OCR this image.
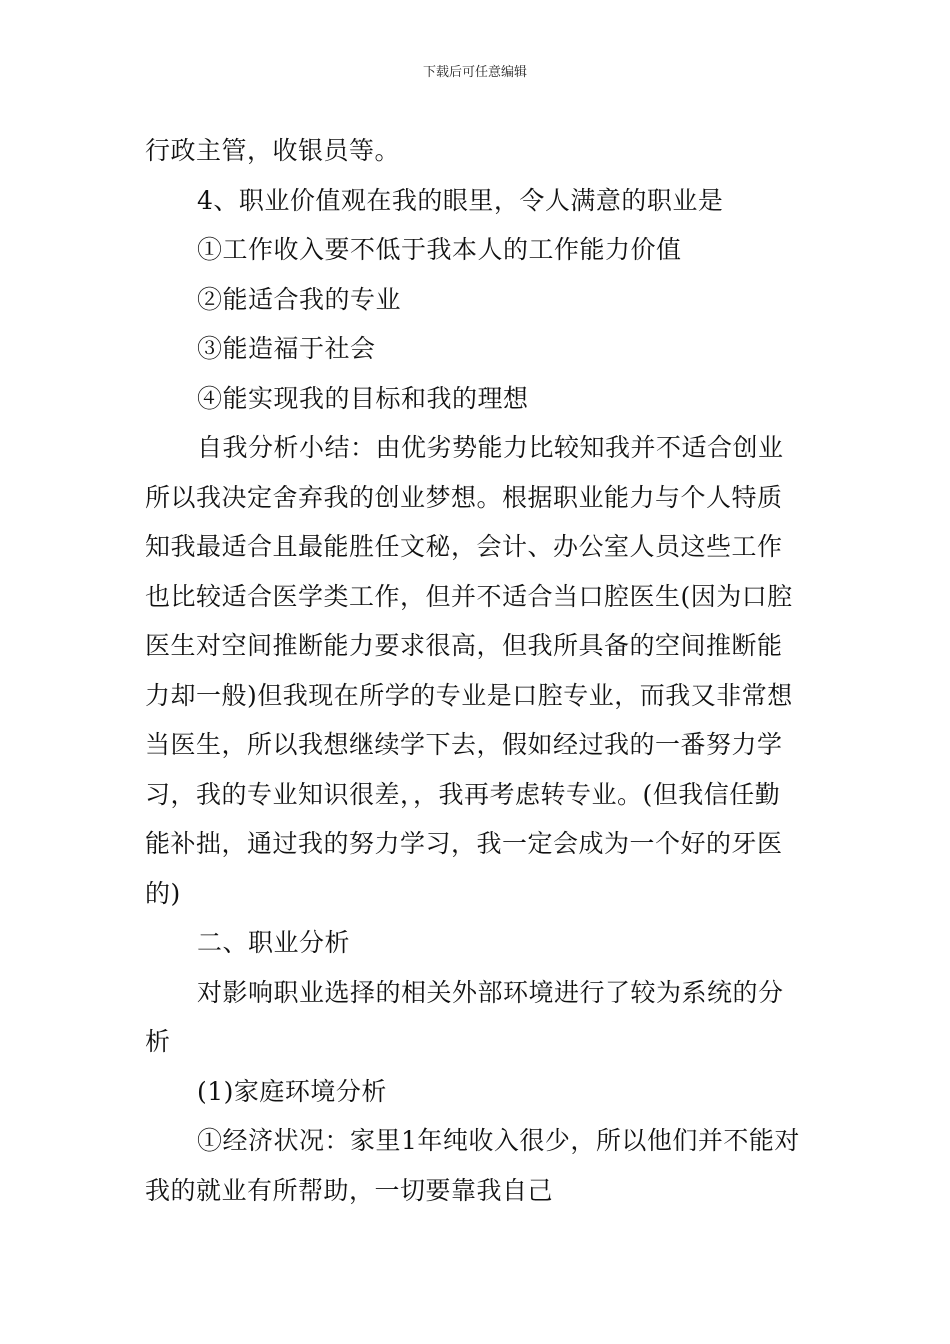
下载后可任意编辑

行政主管，收银员等。

4、职业价值观在我的眼里，令人满意的职业是

①工作收入要不低于我本人的工作能力价值

②能适合我的专业

③能造福于社会

④能实现我的目标和我的理想

自我分析小结：由优劣势能力比较知我并不适合创业所以我决定舍弃我的创业梦想。根据职业能力与个人特质知我最适合且最能胜任文秘，会计、办公室人员这些工作也比较适合医学类工作，但并不适合当口腔医生(因为口腔医生对空间推断能力要求很高，但我所具备的空间推断能力却一般)但我现在所学的专业是口腔专业，而我又非常想当医生，所以我想继续学下去，假如经过我的一番努力学习，我的专业知识很差，，我再考虑转专业。(但我信任勤能补拙，通过我的努力学习，我一定会成为一个好的牙医的)

二、职业分析

对影响职业选择的相关外部环境进行了较为系统的分析

(1)家庭环境分析

①经济状况：家里1年纯收入很少，所以他们并不能对我的就业有所帮助，一切要靠我自己
